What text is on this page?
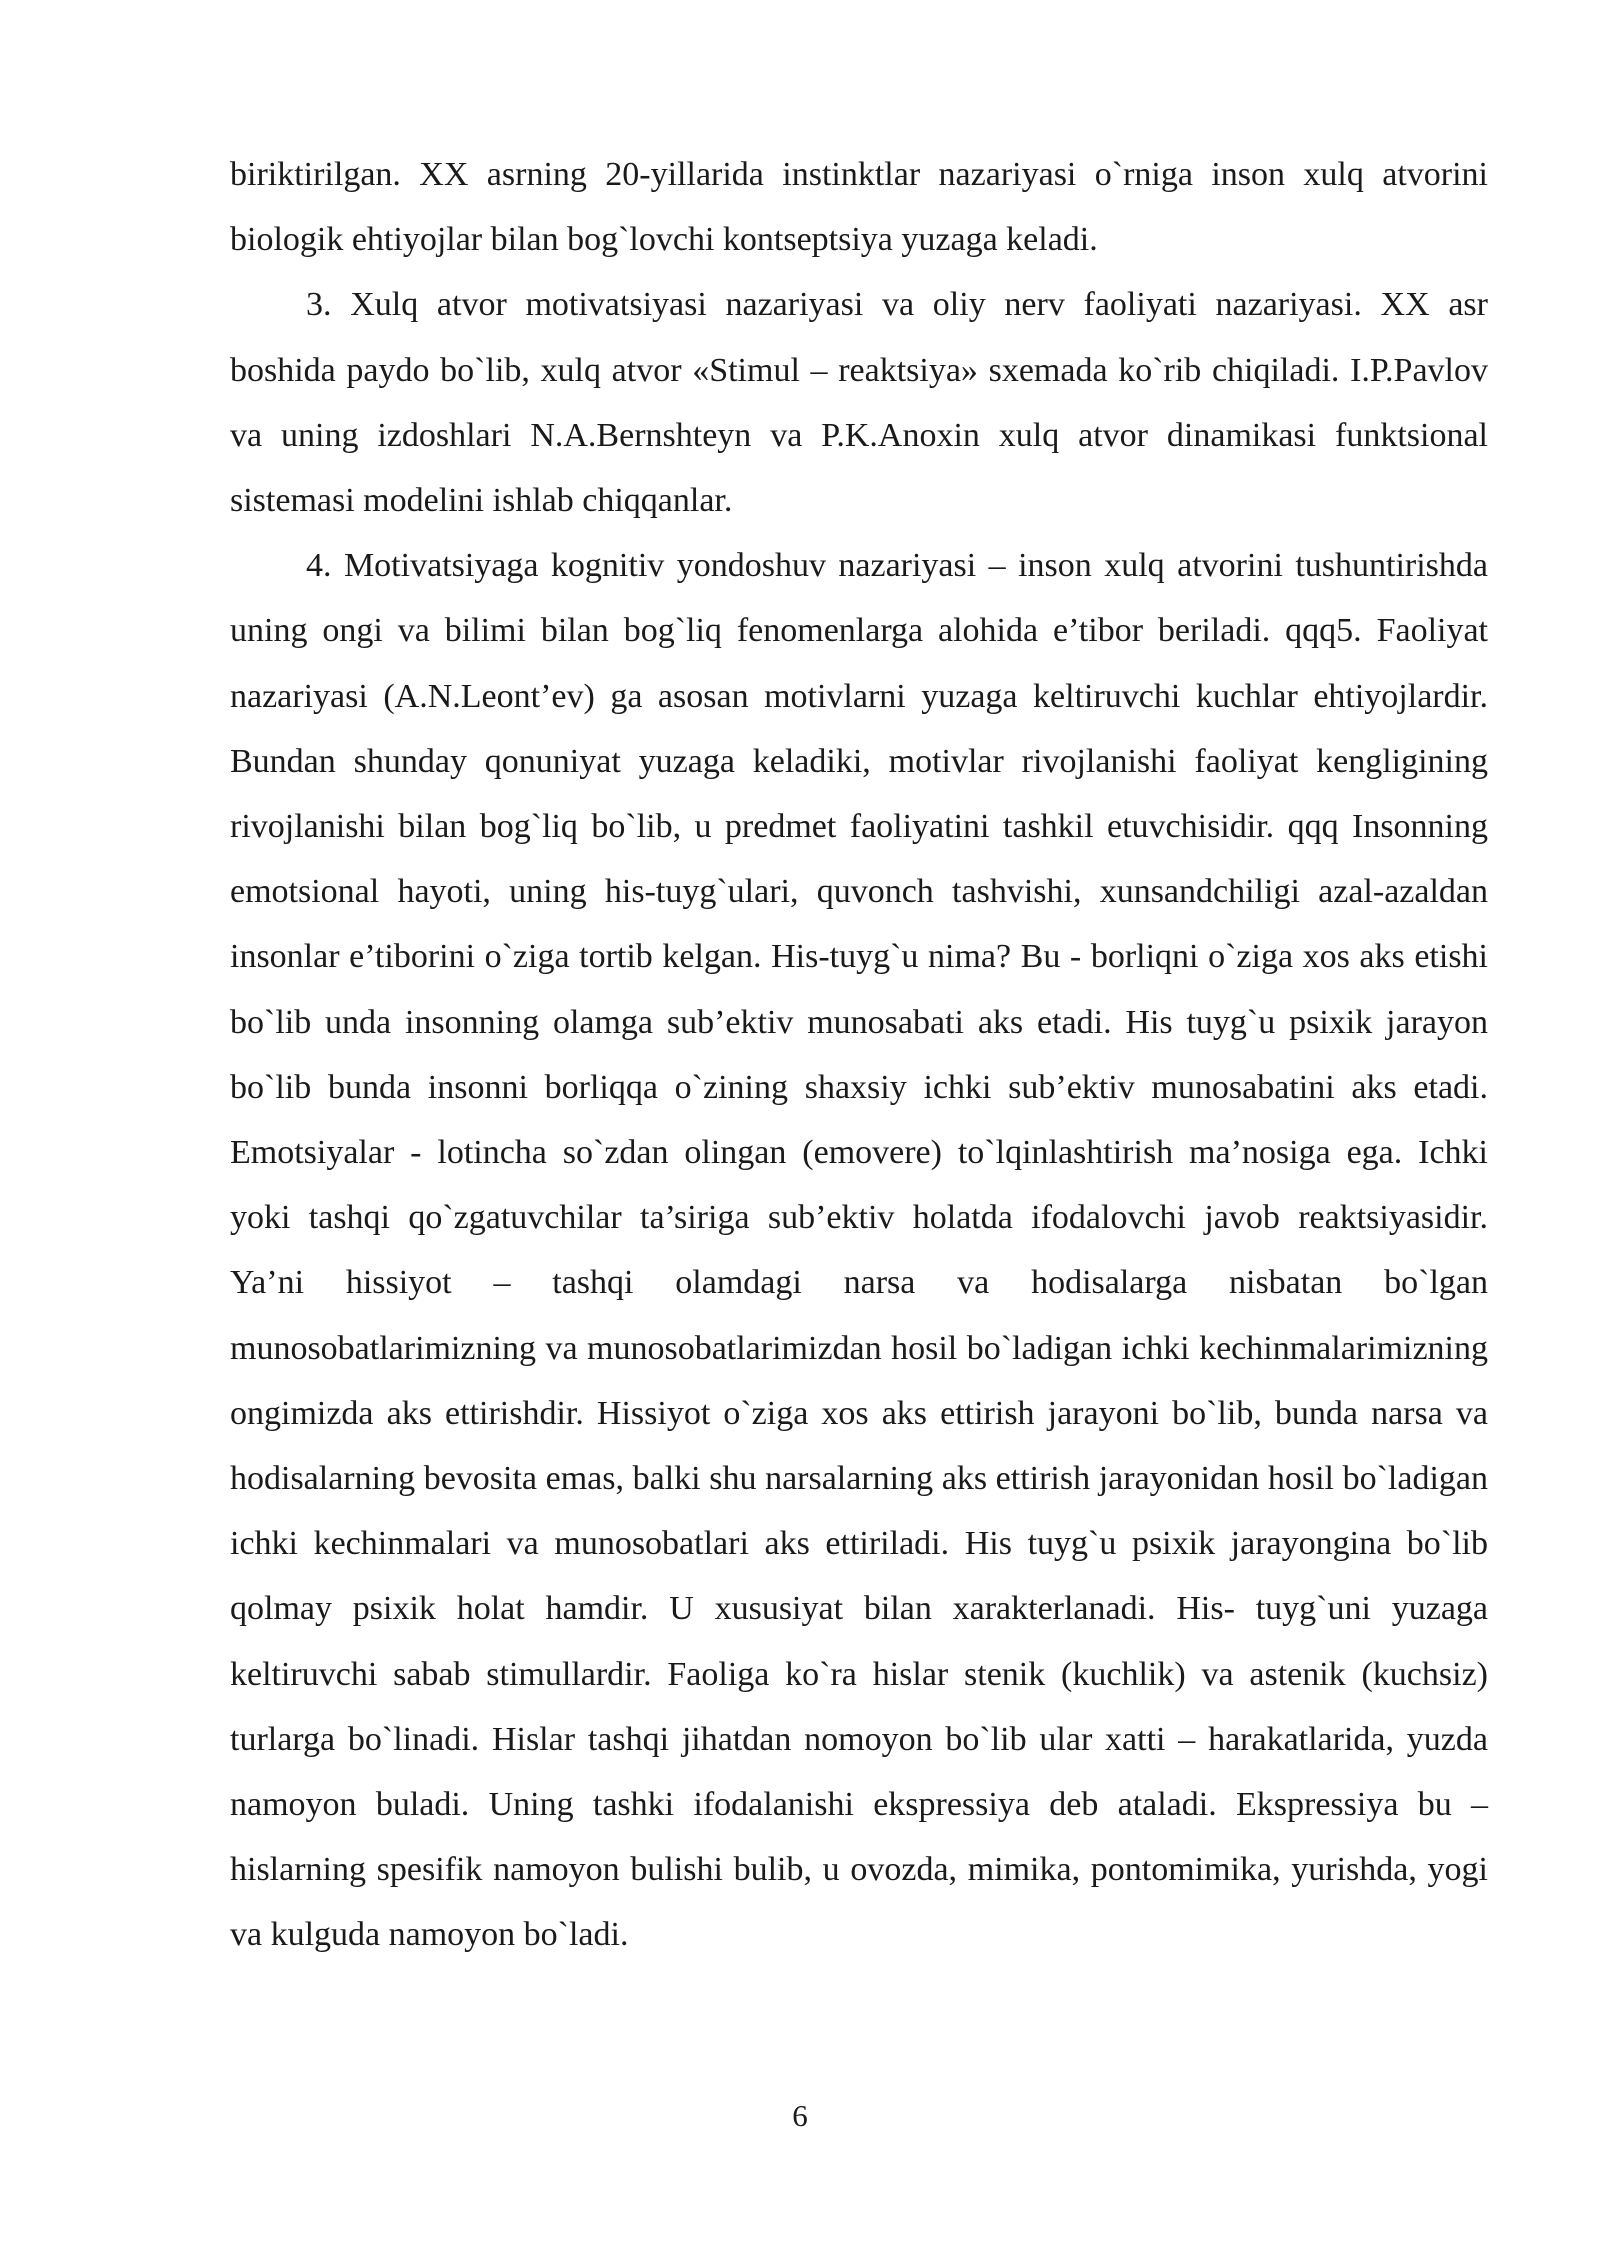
biriktirilgan. XX asrning 20-yillarida instinktlar nazariyasi o`rniga inson xulq atvorini biologik ehtiyojlar bilan bog`lovchi kontseptsiya yuzaga keladi.

3. Xulq atvor motivatsiyasi nazariyasi va oliy nerv faoliyati nazariyasi. XX asr boshida paydo bo`lib, xulq atvor «Stimul – reaktsiya» sxemada ko`rib chiqiladi. I.P.Pavlov va uning izdoshlari N.A.Bernshteyn va P.K.Anoxin xulq atvor dinamikasi funktsional sistemasi modelini ishlab chiqqanlar.

4. Motivatsiyaga kognitiv yondoshuv nazariyasi – inson xulq atvorini tushuntirishda uning ongi va bilimi bilan bog`liq fenomenlarga alohida e’tibor beriladi. qqq5. Faoliyat nazariyasi (A.N.Leont’ev) ga asosan motivlarni yuzaga keltiruvchi kuchlar ehtiyojlardir. Bundan shunday qonuniyat yuzaga keladiki, motivlar rivojlanishi faoliyat kengligining rivojlanishi bilan bog`liq bo`lib, u predmet faoliyatini tashkil etuvchisidir. qqq Insonning emotsional hayoti, uning his-tuyg`ulari, quvonch tashvishi, xunsandchiligi azal-azaldan insonlar e’tiborini o`ziga tortib kelgan. His-tuyg`u nima? Bu - borliqni o`ziga xos aks etishi bo`lib unda insonning olamga sub’ektiv munosabati aks etadi. His tuyg`u psixik jarayon bo`lib bunda insonni borliqqa o`zining shaxsiy ichki sub’ektiv munosabatini aks etadi. Emotsiyalar - lotincha so`zdan olingan (emovere) to`lqinlashtirish ma’nosiga ega. Ichki yoki tashqi qo`zgatuvchilar ta’siriga sub’ektiv holatda ifodalovchi javob reaktsiyasidir. Ya’ni hissiyot – tashqi olamdagi narsa va hodisalarga nisbatan bo`lgan munosobatlarimizning va munosobatlarimizdan hosil bo`ladigan ichki kechinmalarimizning ongimizda aks ettirishdir. Hissiyot o`ziga xos aks ettirish jarayoni bo`lib, bunda narsa va hodisalarning bevosita emas, balki shu narsalarning aks ettirish jarayonidan hosil bo`ladigan ichki kechinmalari va munosobatlari aks ettiriladi. His tuyg`u psixik jarayongina bo`lib qolmay psixik holat hamdir. U xususiyat bilan xarakterlanadi. His- tuyg`uni yuzaga keltiruvchi sabab stimullardir. Faoliga ko`ra hislar stenik (kuchlik) va astenik (kuchsiz) turlarga bo`linadi. Hislar tashqi jihatdan nomoyon bo`lib ular xatti – harakatlarida, yuzda namoyon buladi. Uning tashki ifodalanishi ekspressiya deb ataladi. Ekspressiya bu – hislarning spesifik namoyon bulishi bulib, u ovozda, mimika, pontomimika, yurishda, yogi va kulguda namoyon bo`ladi.

6
